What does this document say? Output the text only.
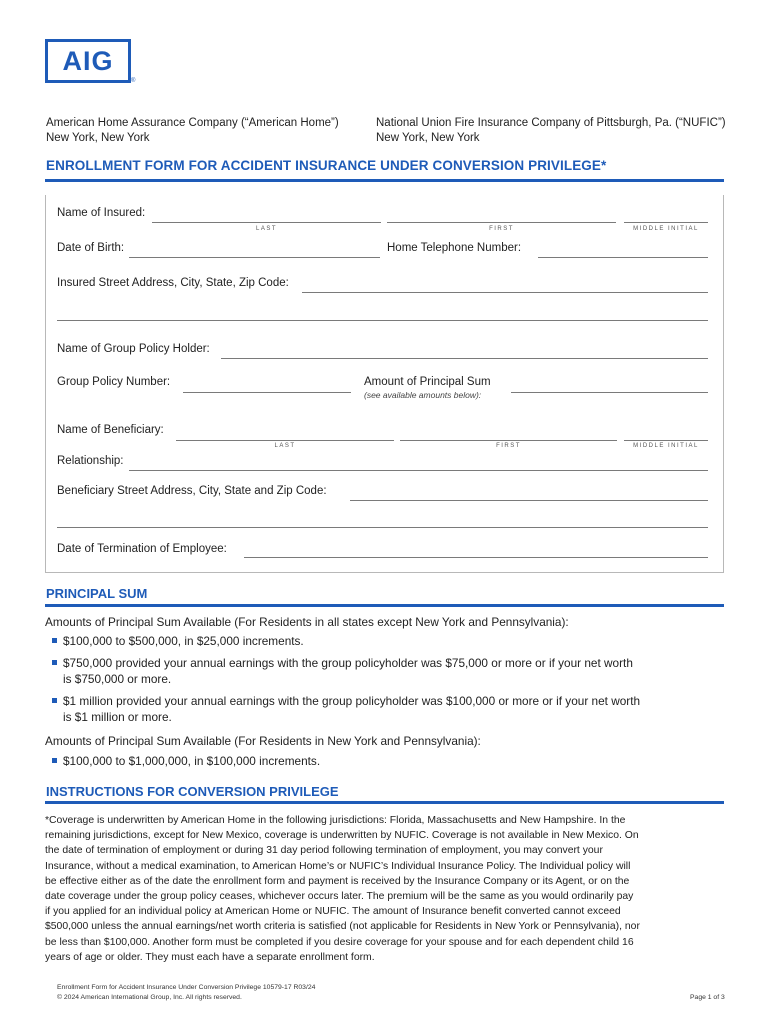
AIG
®
American Home Assurance Company (“American Home”)
New York, New York
National Union Fire Insurance Company of Pittsburgh, Pa. (“NUFIC”)
New York, New York
ENROLLMENT FORM FOR ACCIDENT INSURANCE UNDER CONVERSION PRIVILEGE*
Name of Insured:
LAST	FIRST	MIDDLE INITIAL
Date of Birth:	Home Telephone Number:
Insured Street Address, City, State, Zip Code:
Name of Group Policy Holder:
Group Policy Number:	Amount of Principal Sum
(see available amounts below):
Name of Beneficiary:
LAST	FIRST	MIDDLE INITIAL
Relationship:
Beneficiary Street Address, City, State and Zip Code:
Date of Termination of Employee:
PRINCIPAL SUM
Amounts of Principal Sum Available (For Residents in all states except New York and Pennsylvania):
$100,000 to $500,000, in $25,000 increments.
$750,000 provided your annual earnings with the group policyholder was $75,000 or more or if your net worth
is $750,000 or more.
$1 million provided your annual earnings with the group policyholder was $100,000 or more or if your net worth
is $1 million or more.
Amounts of Principal Sum Available (For Residents in New York and Pennsylvania):
$100,000 to $1,000,000, in $100,000 increments.
INSTRUCTIONS FOR CONVERSION PRIVILEGE
*Coverage is underwritten by American Home in the following jurisdictions: Florida, Massachusetts and New Hampshire. In the
remaining jurisdictions, except for New Mexico, coverage is underwritten by NUFIC. Coverage is not available in New Mexico. On
the date of termination of employment or during 31 day period following termination of employment, you may convert your
Insurance, without a medical examination, to American Home’s or NUFIC’s Individual Insurance Policy. The Individual policy will
be effective either as of the date the enrollment form and payment is received by the Insurance Company or its Agent, or on the
date coverage under the group policy ceases, whichever occurs later. The premium will be the same as you would ordinarily pay
if you applied for an individual policy at American Home or NUFIC. The amount of Insurance benefit converted cannot exceed
$500,000 unless the annual earnings/net worth criteria is satisfied (not applicable for Residents in New York or Pennsylvania), nor
be less than $100,000. Another form must be completed if you desire coverage for your spouse and for each dependent child 16
years of age or older. They must each have a separate enrollment form.
Enrollment Form for Accident Insurance Under Conversion Privilege 10579-17 R03/24
© 2024 American International Group, Inc. All rights reserved.	Page 1 of 3
